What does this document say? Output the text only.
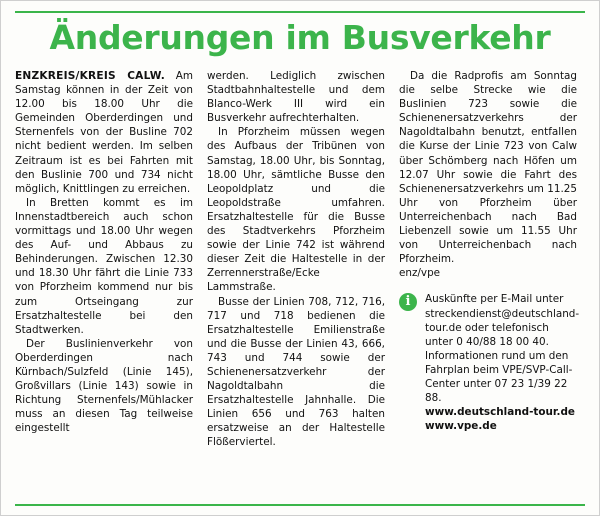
Änderungen im Busverkehr

ENZKREIS/KREIS CALW. Am Samstag können in der Zeit von 12.00 bis 18.00 Uhr die Gemeinden Oberderdingen und Sternenfels von der Busline 702 nicht bedient werden. Im selben Zeitraum ist es bei Fahrten mit den Buslinie 700 und 734 nicht möglich, Knittlingen zu erreichen.

In Bretten kommt es im Innenstadtbereich auch schon vormittags und 18.00 Uhr wegen des Auf- und Abbaus zu Behinderungen. Zwischen 12.30 und 18.30 Uhr fährt die Linie 733 von Pforzheim kommend nur bis zum Ortseingang zur Ersatzhaltestelle bei den Stadtwerken.

Der Buslinienverkehr von Oberderdingen nach Kürnbach/Sulzfeld (Linie 145), Großvillars (Linie 143) sowie in Richtung Sternenfels/Mühlacker muss an diesen Tag teilweise eingestellt

werden. Lediglich zwischen Stadtbahnhaltestelle und dem Blanco-Werk III wird ein Busverkehr aufrechterhalten.

In Pforzheim müssen wegen des Aufbaus der Tribünen von Samstag, 18.00 Uhr, bis Sonntag, 18.00 Uhr, sämtliche Busse den Leopoldplatz und die Leopoldstraße umfahren. Ersatzhaltestelle für die Busse des Stadtverkehrs Pforzheim sowie der Linie 742 ist während dieser Zeit die Haltestelle in der Zerrennerstraße/Ecke Lammstraße.

Busse der Linien 708, 712, 716, 717 und 718 bedienen die Ersatzhaltestelle Emilienstraße und die Busse der Linien 43, 666, 743 und 744 sowie der Schienenersatzverkehr der Nagoldtalbahn die Ersatzhaltestelle Jahnhalle. Die Linien 656 und 763 halten ersatzweise an der Haltestelle Flößerviertel.

Da die Radprofis am Sonntag die selbe Strecke wie die Buslinien 723 sowie die Schienenersatzverkehrs der Nagoldtalbahn benutzt, entfallen die Kurse der Linie 723 von Calw über Schömberg nach Höfen um 12.07 Uhr sowie die Fahrt des Schienenersatzverkehrs um 11.25 Uhr von Pforzheim über Unterreichenbach nach Bad Liebenzell sowie um 11.55 Uhr von Unterreichenbach nach Pforzheim.

enz/vpe

i	Auskünfte per E-Mail unter streckendienst@deutschland-tour.de oder telefonisch unter 0 40/88 18 00 40. Informationen rund um den Fahrplan beim VPE/SVP-Call-Center unter 07 23 1/39 22 88.

www.deutschland-tour.de

www.vpe.de
